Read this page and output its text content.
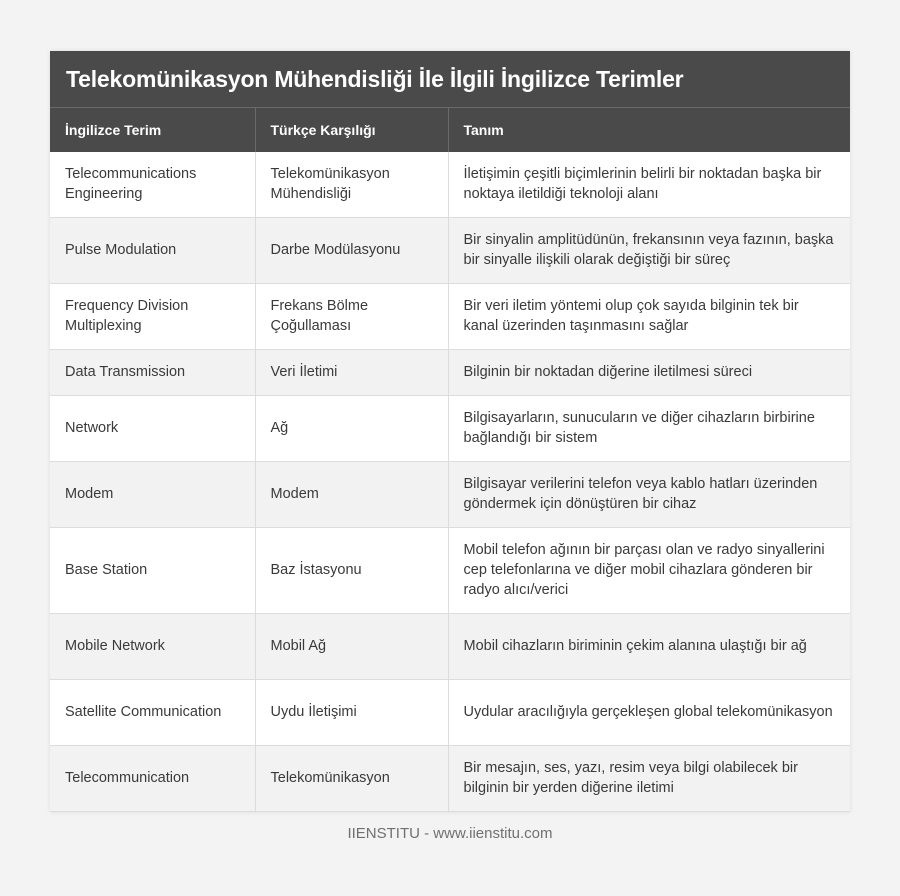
Telekomünikasyon Mühendisliği İle İlgili İngilizce Terimler
İngilizce Terim	Türkçe Karşılığı	Tanım
Telecommunications Engineering	Telekomünikasyon Mühendisliği	İletişimin çeşitli biçimlerinin belirli bir noktadan başka bir noktaya iletildiği teknoloji alanı
Pulse Modulation	Darbe Modülasyonu	Bir sinyalin amplitüdünün, frekansının veya fazının, başka bir sinyalle ilişkili olarak değiştiği bir süreç
Frequency Division Multiplexing	Frekans Bölme Çoğullaması	Bir veri iletim yöntemi olup çok sayıda bilginin tek bir kanal üzerinden taşınmasını sağlar
Data Transmission	Veri İletimi	Bilginin bir noktadan diğerine iletilmesi süreci
Network	Ağ	Bilgisayarların, sunucuların ve diğer cihazların birbirine bağlandığı bir sistem
Modem	Modem	Bilgisayar verilerini telefon veya kablo hatları üzerinden göndermek için dönüştüren bir cihaz
Base Station	Baz İstasyonu	Mobil telefon ağının bir parçası olan ve radyo sinyallerini cep telefonlarına ve diğer mobil cihazlara gönderen bir radyo alıcı/verici
Mobile Network	Mobil Ağ	Mobil cihazların biriminin çekim alanına ulaştığı bir ağ
Satellite Communication	Uydu İletişimi	Uydular aracılığıyla gerçekleşen global telekomünikasyon
Telecommunication	Telekomünikasyon	Bir mesajın, ses, yazı, resim veya bilgi olabilecek bir bilginin bir yerden diğerine iletimi
IIENSTITU - www.iienstitu.com
